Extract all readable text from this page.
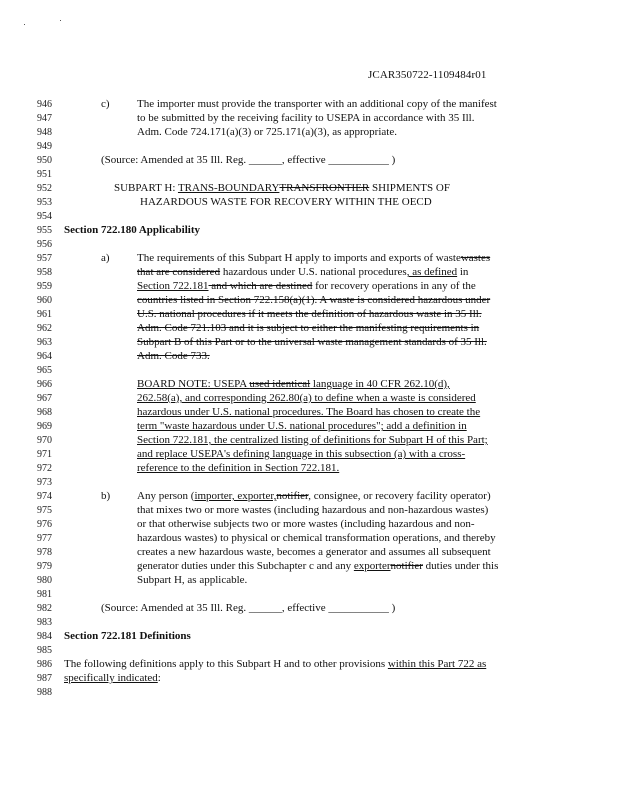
JCAR350722-1109484r01
946
947
948
949
950
951
952
953
954
955
956
957
958
959
960
961
962
963
964
965
966
967
968
969
970
971
972
973
974
975
976
977
978
979
980
981
982
983
984
985
986
987
988
c) The importer must provide the transporter with an additional copy of the manifest
to be submitted by the receiving facility to USEPA in accordance with 35 Ill.
Adm. Code 724.171(a)(3) or 725.171(a)(3), as appropriate.
(Source: Amended at 35 Ill. Reg. ______, effective ___________ )
SUBPART H: TRANS-BOUNDARYTRANSFRONTIER SHIPMENTS OF
HAZARDOUS WASTE FOR RECOVERY WITHIN THE OECD
Section 722.180 Applicability
a) The requirements of this Subpart H apply to imports and exports of wastewastes
that are considered hazardous under U.S. national procedures, as defined in
Section 722.181 and which are destined for recovery operations in any of the
countries listed in Section 722.158(a)(1). A waste is considered hazardous under
U.S. national procedures if it meets the definition of hazardous waste in 35 Ill.
Adm. Code 721.103 and it is subject to either the manifesting requirements in
Subpart B of this Part or to the universal waste management standards of 35 Ill.
Adm. Code 733.
BOARD NOTE: USEPA used identical language in 40 CFR 262.10(d),
262.58(a), and corresponding 262.80(a) to define when a waste is considered
hazardous under U.S. national procedures. The Board has chosen to create the
term "waste hazardous under U.S. national procedures"; add a definition in
Section 722.181, the centralized listing of definitions for Subpart H of this Part;
and replace USEPA's defining language in this subsection (a) with a cross-
reference to the definition in Section 722.181.
b) Any person (importer, exporter,notifier, consignee, or recovery facility operator)
that mixes two or more wastes (including hazardous and non-hazardous wastes)
or that otherwise subjects two or more wastes (including hazardous and non-
hazardous wastes) to physical or chemical transformation operations, and thereby
creates a new hazardous waste, becomes a generator and assumes all subsequent
generator duties under this Subchapter c and any exporternotifier duties under this
Subpart H, as applicable.
(Source: Amended at 35 Ill. Reg. ______, effective ___________ )
Section 722.181 Definitions
The following definitions apply to this Subpart H and to other provisions within this Part 722 as
specifically indicated:
